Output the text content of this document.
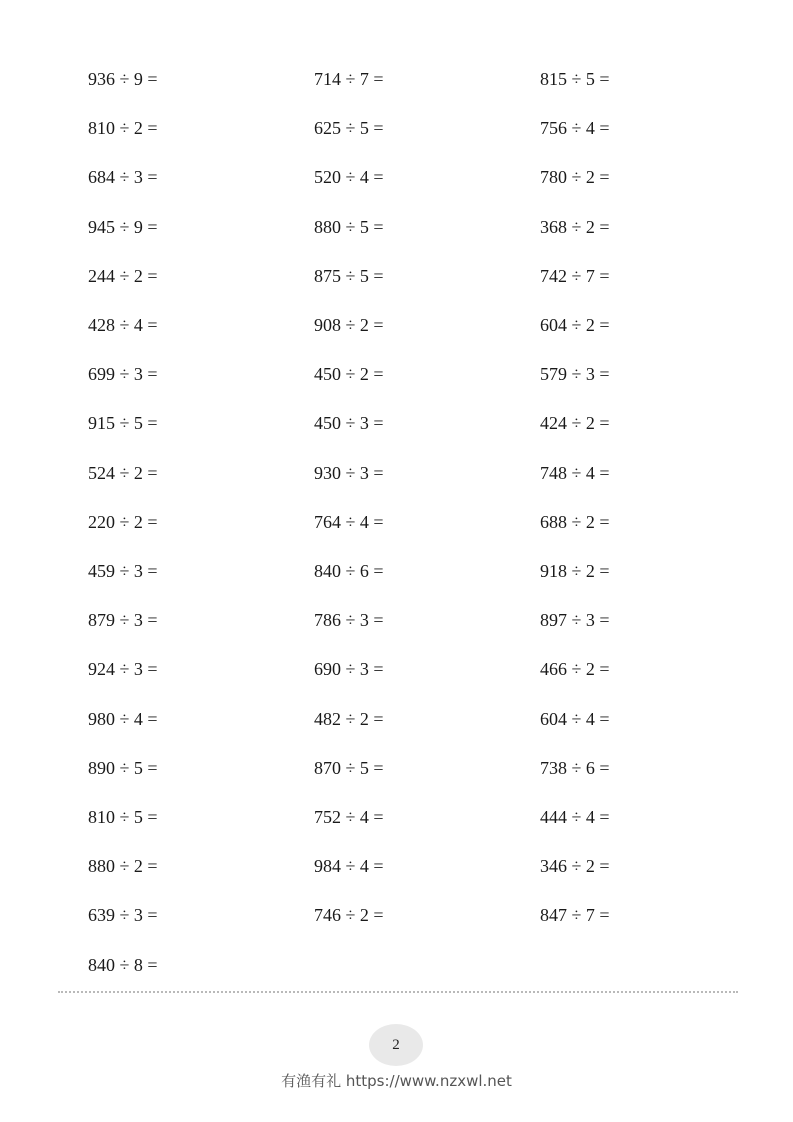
936 ÷ 9 =
810 ÷ 2 =
684 ÷ 3 =
945 ÷ 9 =
244 ÷ 2 =
428 ÷ 4 =
699 ÷ 3 =
915 ÷ 5 =
524 ÷ 2 =
220 ÷ 2 =
459 ÷ 3 =
879 ÷ 3 =
924 ÷ 3 =
980 ÷ 4 =
890 ÷ 5 =
810 ÷ 5 =
880 ÷ 2 =
639 ÷ 3 =
840 ÷ 8 =
714 ÷ 7 =
625 ÷ 5 =
520 ÷ 4 =
880 ÷ 5 =
875 ÷ 5 =
908 ÷ 2 =
450 ÷ 2 =
450 ÷ 3 =
930 ÷ 3 =
764 ÷ 4 =
840 ÷ 6 =
786 ÷ 3 =
690 ÷ 3 =
482 ÷ 2 =
870 ÷ 5 =
752 ÷ 4 =
984 ÷ 4 =
746 ÷ 2 =
815 ÷ 5 =
756 ÷ 4 =
780 ÷ 2 =
368 ÷ 2 =
742 ÷ 7 =
604 ÷ 2 =
579 ÷ 3 =
424 ÷ 2 =
748 ÷ 4 =
688 ÷ 2 =
918 ÷ 2 =
897 ÷ 3 =
466 ÷ 2 =
604 ÷ 4 =
738 ÷ 6 =
444 ÷ 4 =
346 ÷ 2 =
847 ÷ 7 =
2
有渔有礼 https://www.nzxwl.net
